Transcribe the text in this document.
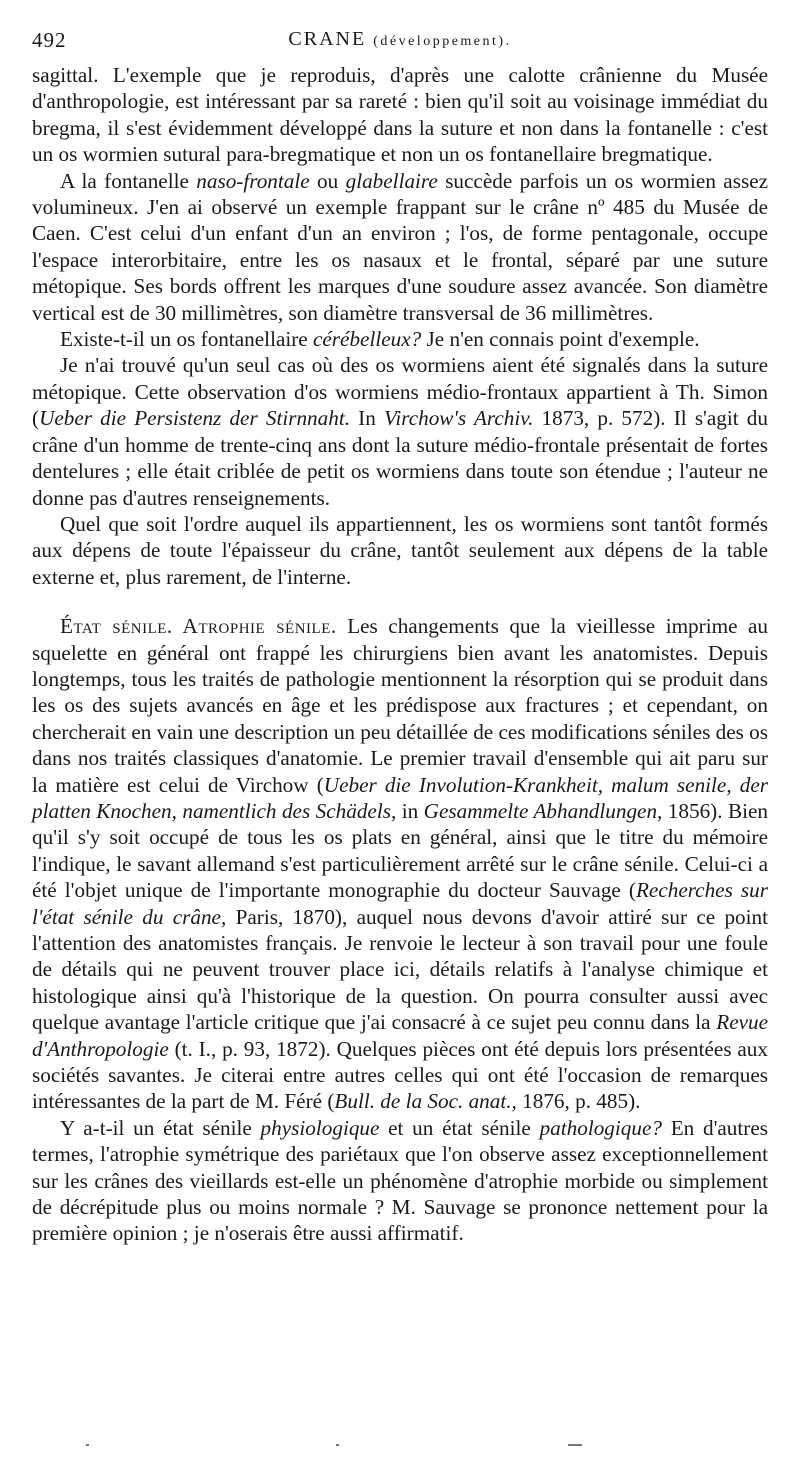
492	CRANE (développement).

sagittal. L'exemple que je reproduis, d'après une calotte crânienne du Musée d'anthropologie, est intéressant par sa rareté : bien qu'il soit au voisinage immédiat du bregma, il s'est évidemment développé dans la suture et non dans la fontanelle : c'est un os wormien sutural para-bregmatique et non un os fontanellaire bregmatique.

A la fontanelle naso-frontale ou glabellaire succède parfois un os wormien assez volumineux. J'en ai observé un exemple frappant sur le crâne nº 485 du Musée de Caen. C'est celui d'un enfant d'un an environ ; l'os, de forme pentagonale, occupe l'espace interorbitaire, entre les os nasaux et le frontal, séparé par une suture métopique. Ses bords offrent les marques d'une soudure assez avancée. Son diamètre vertical est de 30 millimètres, son diamètre transversal de 36 millimètres.

Existe-t-il un os fontanellaire cérébelleux? Je n'en connais point d'exemple.

Je n'ai trouvé qu'un seul cas où des os wormiens aient été signalés dans la suture métopique. Cette observation d'os wormiens médio-frontaux appartient à Th. Simon (Ueber die Persistenz der Stirnnaht. In Virchow's Archiv. 1873, p. 572). Il s'agit du crâne d'un homme de trente-cinq ans dont la suture médio-frontale présentait de fortes dentelures ; elle était criblée de petit os wormiens dans toute son étendue ; l'auteur ne donne pas d'autres renseignements.

Quel que soit l'ordre auquel ils appartiennent, les os wormiens sont tantôt formés aux dépens de toute l'épaisseur du crâne, tantôt seulement aux dépens de la table externe et, plus rarement, de l'interne.

État sénile. Atrophie sénile. Les changements que la vieillesse imprime au squelette en général ont frappé les chirurgiens bien avant les anatomistes. Depuis longtemps, tous les traités de pathologie mentionnent la résorption qui se produit dans les os des sujets avancés en âge et les prédispose aux fractures ; et cependant, on chercherait en vain une description un peu détaillée de ces modifications séniles des os dans nos traités classiques d'anatomie. Le premier travail d'ensemble qui ait paru sur la matière est celui de Virchow (Ueber die Involution-Krankheit, malum senile, der platten Knochen, namentlich des Schädels, in Gesammelte Abhandlungen, 1856). Bien qu'il s'y soit occupé de tous les os plats en général, ainsi que le titre du mémoire l'indique, le savant allemand s'est particulièrement arrêté sur le crâne sénile. Celui-ci a été l'objet unique de l'importante monographie du docteur Sauvage (Recherches sur l'état sénile du crâne, Paris, 1870), auquel nous devons d'avoir attiré sur ce point l'attention des anatomistes français. Je renvoie le lecteur à son travail pour une foule de détails qui ne peuvent trouver place ici, détails relatifs à l'analyse chimique et histologique ainsi qu'à l'historique de la question. On pourra consulter aussi avec quelque avantage l'article critique que j'ai consacré à ce sujet peu connu dans la Revue d'Anthropologie (t. I., p. 93, 1872). Quelques pièces ont été depuis lors présentées aux sociétés savantes. Je citerai entre autres celles qui ont été l'occasion de remarques intéressantes de la part de M. Féré (Bull. de la Soc. anat., 1876, p. 485).

Y a-t-il un état sénile physiologique et un état sénile pathologique? En d'autres termes, l'atrophie symétrique des pariétaux que l'on observe assez exceptionnellement sur les crânes des vieillards est-elle un phénomène d'atrophie morbide ou simplement de décrépitude plus ou moins normale ? M. Sauvage se prononce nettement pour la première opinion ; je n'oserais être aussi affirmatif.
